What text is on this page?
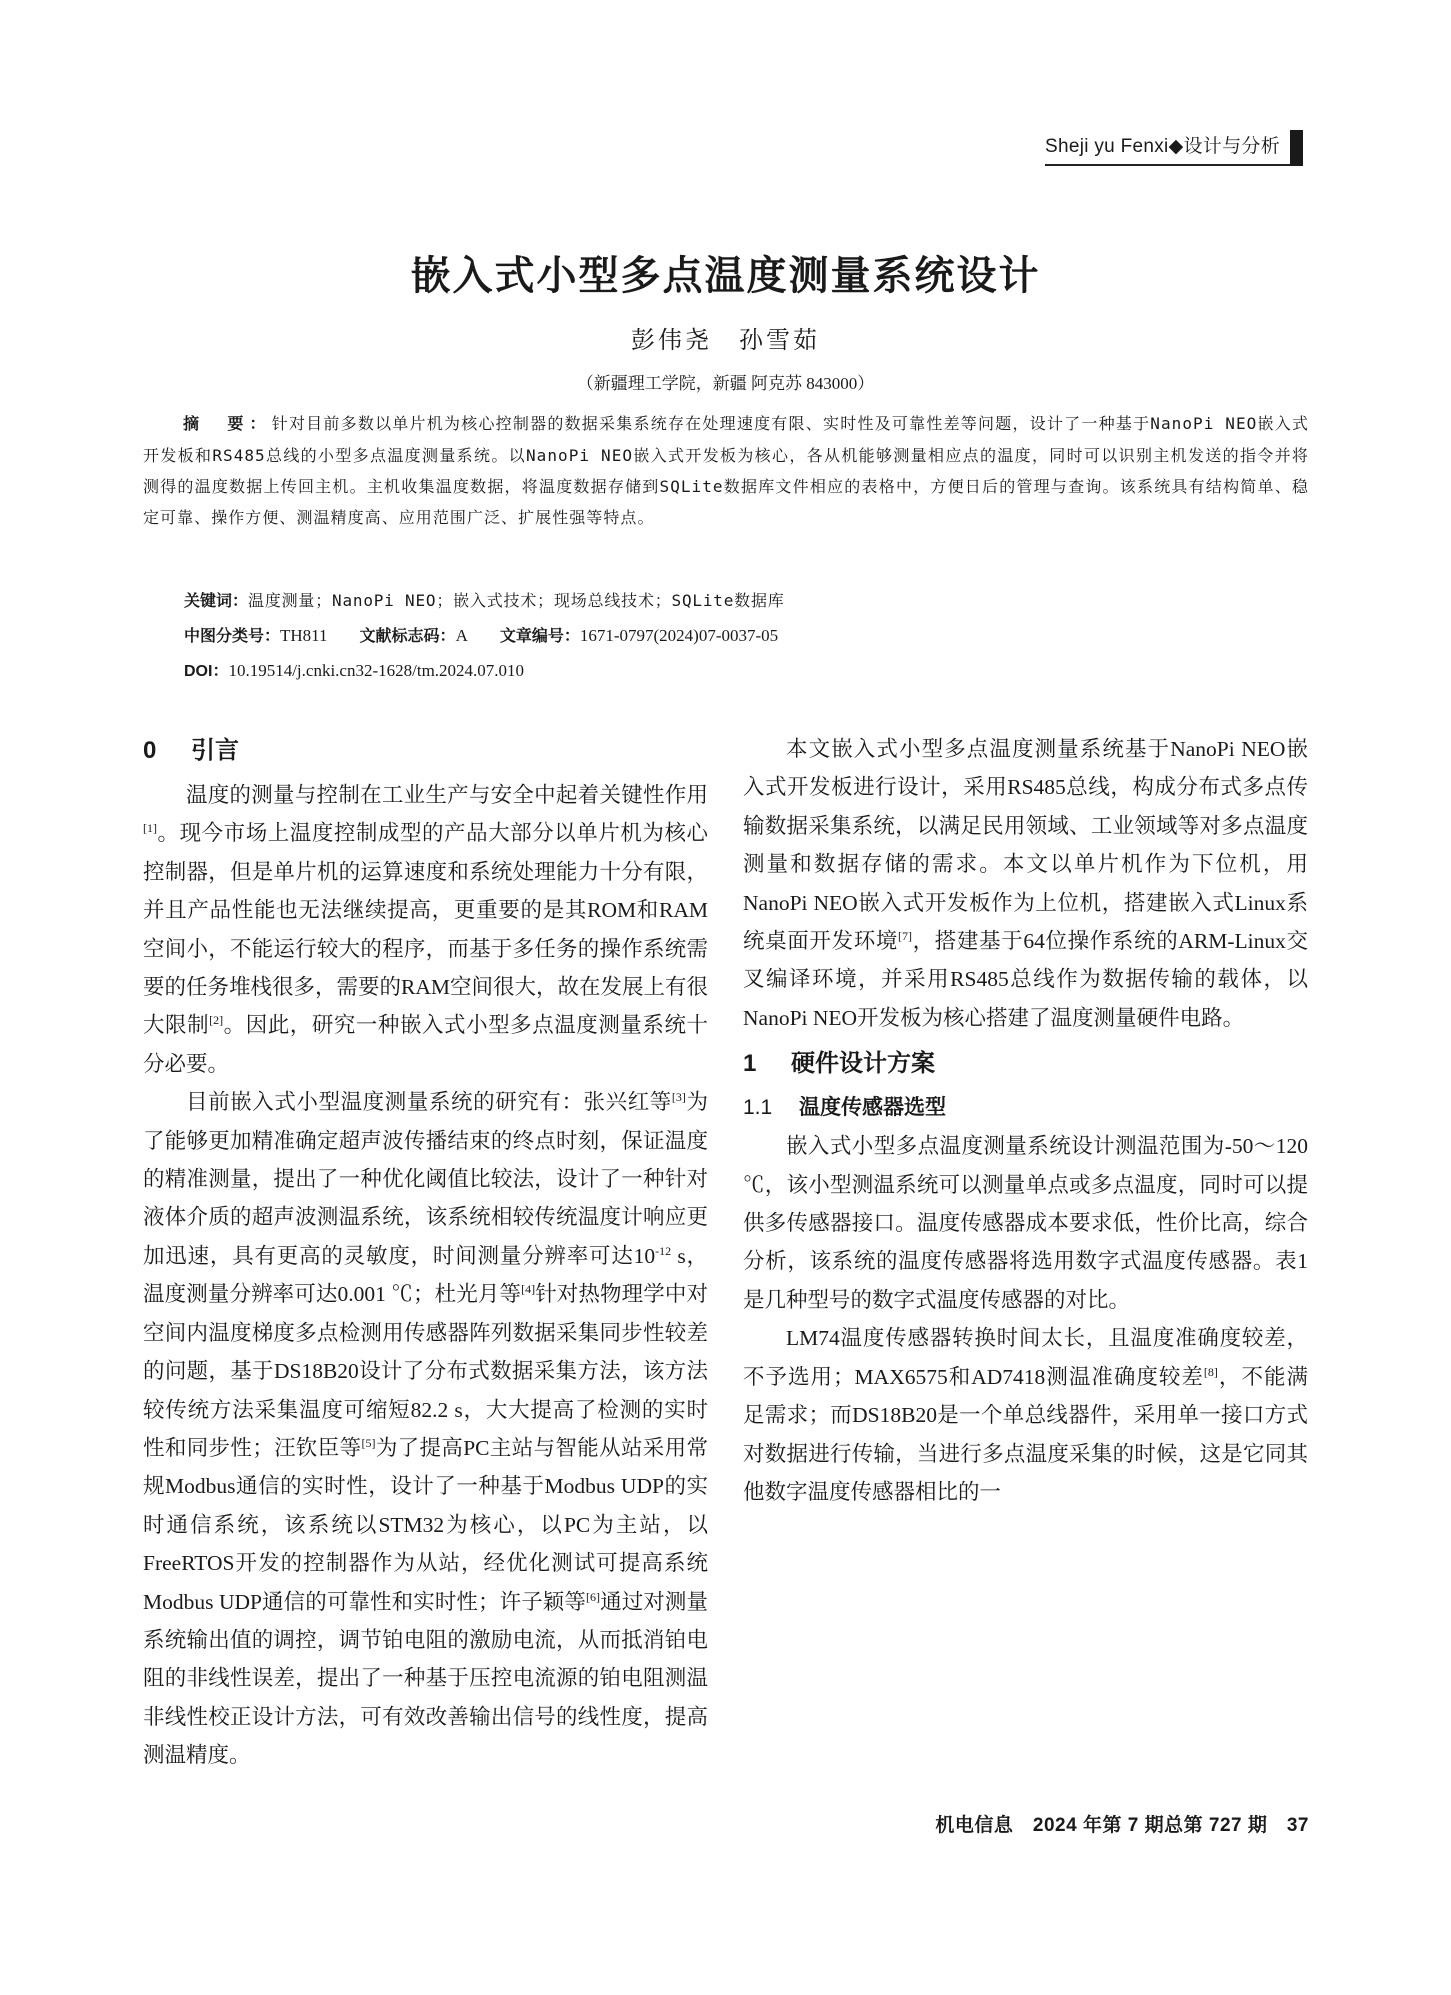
Sheji yu Fenxi◆设计与分析
嵌入式小型多点温度测量系统设计
彭伟尧　孙雪茹
（新疆理工学院，新疆 阿克苏 843000）
摘　要：针对目前多数以单片机为核心控制器的数据采集系统存在处理速度有限、实时性及可靠性差等问题，设计了一种基于NanoPi NEO嵌入式开发板和RS485总线的小型多点温度测量系统。以NanoPi NEO嵌入式开发板为核心，各从机能够测量相应点的温度，同时可以识别主机发送的指令并将测得的温度数据上传回主机。主机收集温度数据，将温度数据存储到SQLite数据库文件相应的表格中，方便日后的管理与查询。该系统具有结构简单、稳定可靠、操作方便、测温精度高、应用范围广泛、扩展性强等特点。
关键词：温度测量；NanoPi NEO；嵌入式技术；现场总线技术；SQLite数据库
中图分类号：TH811 文献标志码：A 文章编号：1671-0797(2024)07-0037-05
DOI：10.19514/j.cnki.cn32-1628/tm.2024.07.010
0 引言

温度的测量与控制在工业生产与安全中起着关键性作用[1]。现今市场上温度控制成型的产品大部分以单片机为核心控制器，但是单片机的运算速度和系统处理能力十分有限，并且产品性能也无法继续提高，更重要的是其ROM和RAM空间小，不能运行较大的程序，而基于多任务的操作系统需要的任务堆栈很多，需要的RAM空间很大，故在发展上有很大限制[2]。因此，研究一种嵌入式小型多点温度测量系统十分必要。

目前嵌入式小型温度测量系统的研究有：张兴红等[3]为了能够更加精准确定超声波传播结束的终点时刻，保证温度的精准测量，提出了一种优化阈值比较法，设计了一种针对液体介质的超声波测温系统，该系统相较传统温度计响应更加迅速，具有更高的灵敏度，时间测量分辨率可达$10^{-12}$ s，温度测量分辨率可达0.001 ℃；杜光月等[4]针对热物理学中对空间内温度梯度多点检测用传感器阵列数据采集同步性较差的问题，基于DS18B20设计了分布式数据采集方法，该方法较传统方法采集温度可缩短82.2 s，大大提高了检测的实时性和同步性；汪钦臣等[5]为了提高PC主站与智能从站采用常规Modbus通信的实时性，设计了一种基于Modbus UDP的实时通信系统，该系统以STM32为核心，以PC为主站，以FreeRTOS开发的控制器作为从站，经优化测试可提高系统Modbus UDP通信的可靠性和实时性；许子颖等[6]通过对测量系统输出值的调控，调节铂电阻的激励电流，从而抵消铂电阻的非线性误差，提出了一种基于压控电流源的铂电阻测温非线性校正设计方法，可有效改善输出信号的线性度，提高测温精度。

本文嵌入式小型多点温度测量系统基于NanoPi NEO嵌入式开发板进行设计，采用RS485总线，构成分布式多点传输数据采集系统，以满足民用领域、工业领域等对多点温度测量和数据存储的需求。本文以单片机作为下位机，用NanoPi NEO嵌入式开发板作为上位机，搭建嵌入式Linux系统桌面开发环境[7]，搭建基于64位操作系统的ARM-Linux交叉编译环境，并采用RS485总线作为数据传输的载体，以NanoPi NEO开发板为核心搭建了温度测量硬件电路。

1 硬件设计方案
1.1 温度传感器选型

嵌入式小型多点温度测量系统设计测温范围为-50～120 ℃，该小型测温系统可以测量单点或多点温度，同时可以提供多传感器接口。温度传感器成本要求低，性价比高，综合分析，该系统的温度传感器将选用数字式温度传感器。表1是几种型号的数字式温度传感器的对比。

LM74温度传感器转换时间太长，且温度准确度较差，不予选用；MAX6575和AD7418测温准确度较差[8]，不能满足需求；而DS18B20是一个单总线器件，采用单一接口方式对数据进行传输，当进行多点温度采集的时候，这是它同其他数字温度传感器相比的一

机电信息　2024 年第 7 期总第 727 期　37
